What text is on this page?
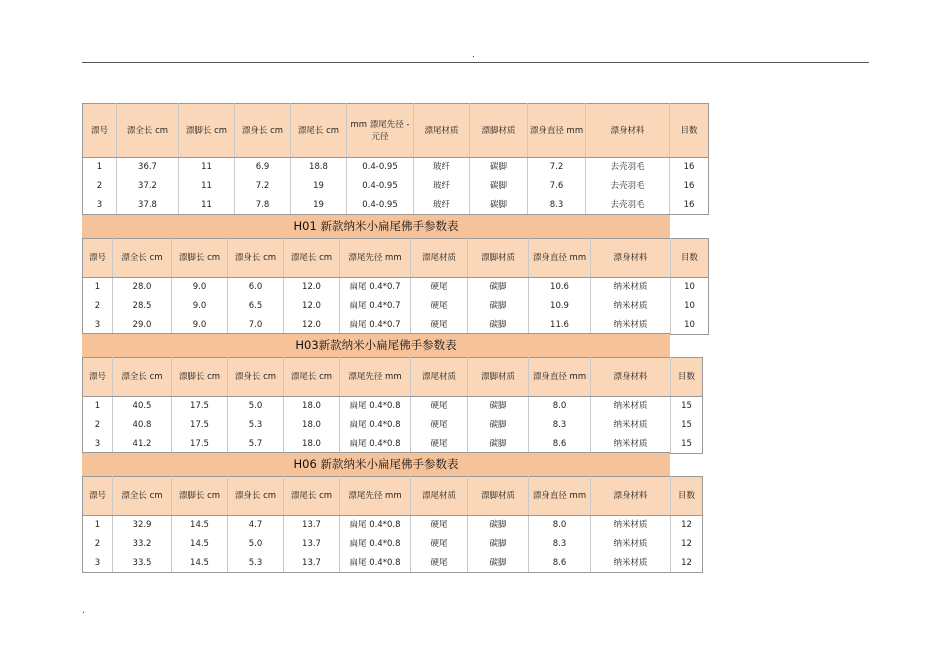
.
漂号	漂全长 cm	漂脚长 cm	漂身长 cm	漂尾长 cm	mm 漂尾先径 - 元径	漂尾材质	漂脚材质	漂身直径 mm	漂身材料	目数
1	36.7	11	6.9	18.8	0.4-0.95	玻纤	碳脚	7.2	去壳羽毛	16
2	37.2	11	7.2	19	0.4-0.95	玻纤	碳脚	7.6	去壳羽毛	16
3	37.8	11	7.8	19	0.4-0.95	玻纤	碳脚	8.3	去壳羽毛	16
H01 新款纳米小扁尾佛手参数表
漂号	漂全长 cm	漂脚长 cm	漂身长 cm	漂尾长 cm	漂尾先径 mm	漂尾材质	漂脚材质	漂身直径 mm	漂身材料	目数
1	28.0	9.0	6.0	12.0	扁尾 0.4*0.7	硬尾	碳脚	10.6	纳米材质	10
2	28.5	9.0	6.5	12.0	扁尾 0.4*0.7	硬尾	碳脚	10.9	纳米材质	10
3	29.0	9.0	7.0	12.0	扁尾 0.4*0.7	硬尾	碳脚	11.6	纳米材质	10
H03新款纳米小扁尾佛手参数表
漂号	漂全长 cm	漂脚长 cm	漂身长 cm	漂尾长 cm	漂尾先径 mm	漂尾材质	漂脚材质	漂身直径 mm	漂身材料	目数
1	40.5	17.5	5.0	18.0	扁尾 0.4*0.8	硬尾	碳脚	8.0	纳米材质	15
2	40.8	17.5	5.3	18.0	扁尾 0.4*0.8	硬尾	碳脚	8.3	纳米材质	15
3	41.2	17.5	5.7	18.0	扁尾 0.4*0.8	硬尾	碳脚	8.6	纳米材质	15
H06 新款纳米小扁尾佛手参数表
漂号	漂全长 cm	漂脚长 cm	漂身长 cm	漂尾长 cm	漂尾先径 mm	漂尾材质	漂脚材质	漂身直径 mm	漂身材料	目数
1	32.9	14.5	4.7	13.7	扁尾 0.4*0.8	硬尾	碳脚	8.0	纳米材质	12
2	33.2	14.5	5.0	13.7	扁尾 0.4*0.8	硬尾	碳脚	8.3	纳米材质	12
3	33.5	14.5	5.3	13.7	扁尾 0.4*0.8	硬尾	碳脚	8.6	纳米材质	12
.
